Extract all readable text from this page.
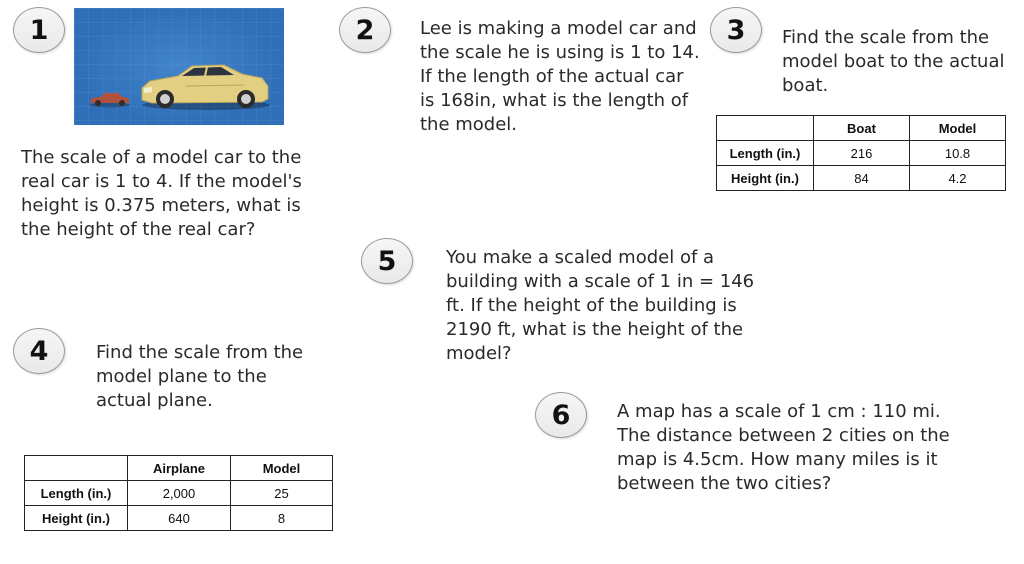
1
The scale of a model car to the real car is 1 to 4. If the model's height is 0.375 meters, what is the height of the real car?
2	Lee is making a model car and the scale he is using is 1 to 14. If the length of the actual car is 168in, what is the length of the model.
3	Find the scale from the model boat to the actual boat.
	Boat	Model
Length (in.)	216	10.8
Height (in.)	84	4.2
4	Find the scale from the model plane to the actual plane.
	Airplane	Model
Length (in.)	2,000	25
Height (in.)	640	8
5	You make a scaled model of a building with a scale of 1 in = 146 ft. If the height of the building is 2190 ft, what is the height of the model?
6	A map has a scale of 1 cm : 110 mi. The distance between 2 cities on the map is 4.5cm. How many miles is it between the two cities?
